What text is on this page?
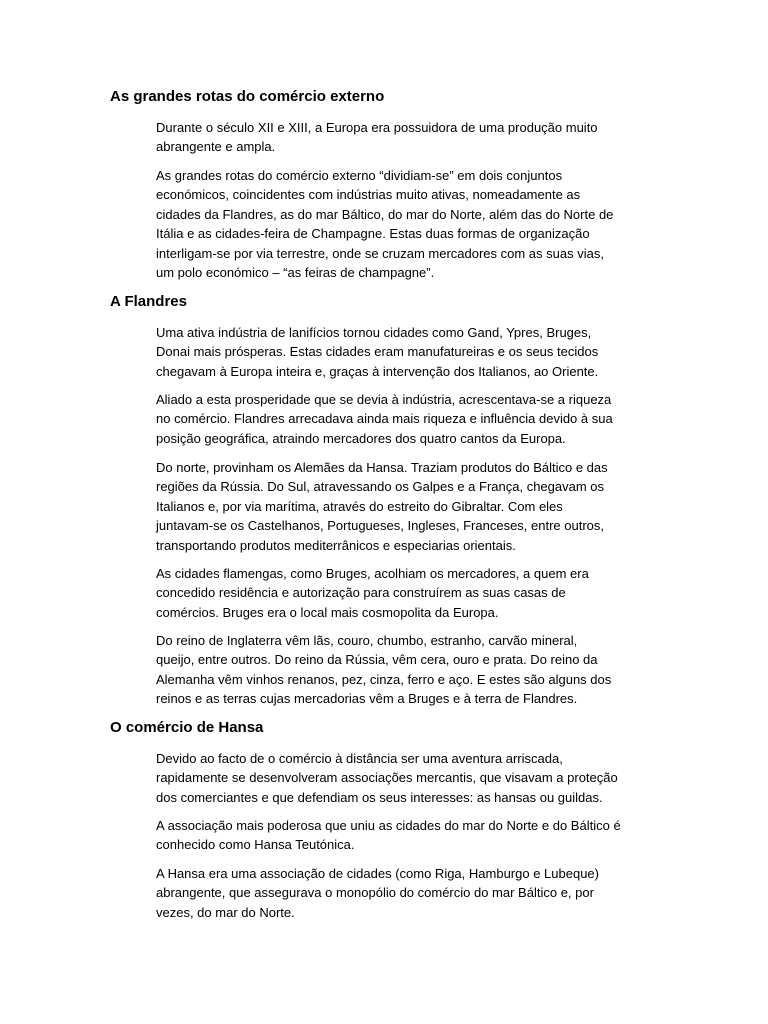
As grandes rotas do comércio externo

Durante o século XII e XIII, a Europa era possuidora de uma produção muito
abrangente e ampla.

As grandes rotas do comércio externo “dividiam-se” em dois conjuntos
económicos, coincidentes com indústrias muito ativas, nomeadamente as
cidades da Flandres, as do mar Báltico, do mar do Norte, além das do Norte de
Itália e as cidades-feira de Champagne. Estas duas formas de organização
interligam-se por via terrestre, onde se cruzam mercadores com as suas vias,
um polo económico – “as feiras de champagne”.

A Flandres

Uma ativa indústria de lanifícios tornou cidades como Gand, Ypres, Bruges,
Donai mais prósperas. Estas cidades eram manufatureiras e os seus tecidos
chegavam à Europa inteira e, graças à intervenção dos Italianos, ao Oriente.

Aliado a esta prosperidade que se devia à indústria, acrescentava-se a riqueza
no comércio. Flandres arrecadava ainda mais riqueza e influência devido à sua
posição geográfica, atraindo mercadores dos quatro cantos da Europa.

Do norte, provinham os Alemães da Hansa. Traziam produtos do Báltico e das
regiões da Rússia. Do Sul, atravessando os Galpes e a França, chegavam os
Italianos e, por via marítima, através do estreito do Gibraltar. Com eles
juntavam-se os Castelhanos, Portugueses, Ingleses, Franceses, entre outros,
transportando produtos mediterrânicos e especiarias orientais.

As cidades flamengas, como Bruges, acolhiam os mercadores, a quem era
concedido residência e autorização para construírem as suas casas de
comércios. Bruges era o local mais cosmopolita da Europa.

Do reino de Inglaterra vêm lãs, couro, chumbo, estranho, carvão mineral,
queijo, entre outros. Do reino da Rússia, vêm cera, ouro e prata. Do reino da
Alemanha vêm vinhos renanos, pez, cinza, ferro e aço. E estes são alguns dos
reinos e as terras cujas mercadorias vêm a Bruges e à terra de Flandres.

O comércio de Hansa

Devido ao facto de o comércio à distância ser uma aventura arriscada,
rapidamente se desenvolveram associações mercantis, que visavam a proteção
dos comerciantes e que defendiam os seus interesses: as hansas ou guildas.

A associação mais poderosa que uniu as cidades do mar do Norte e do Báltico é
conhecido como Hansa Teutónica.

A Hansa era uma associação de cidades (como Riga, Hamburgo e Lubeque)
abrangente, que assegurava o monopólio do comércio do mar Báltico e, por
vezes, do mar do Norte.
